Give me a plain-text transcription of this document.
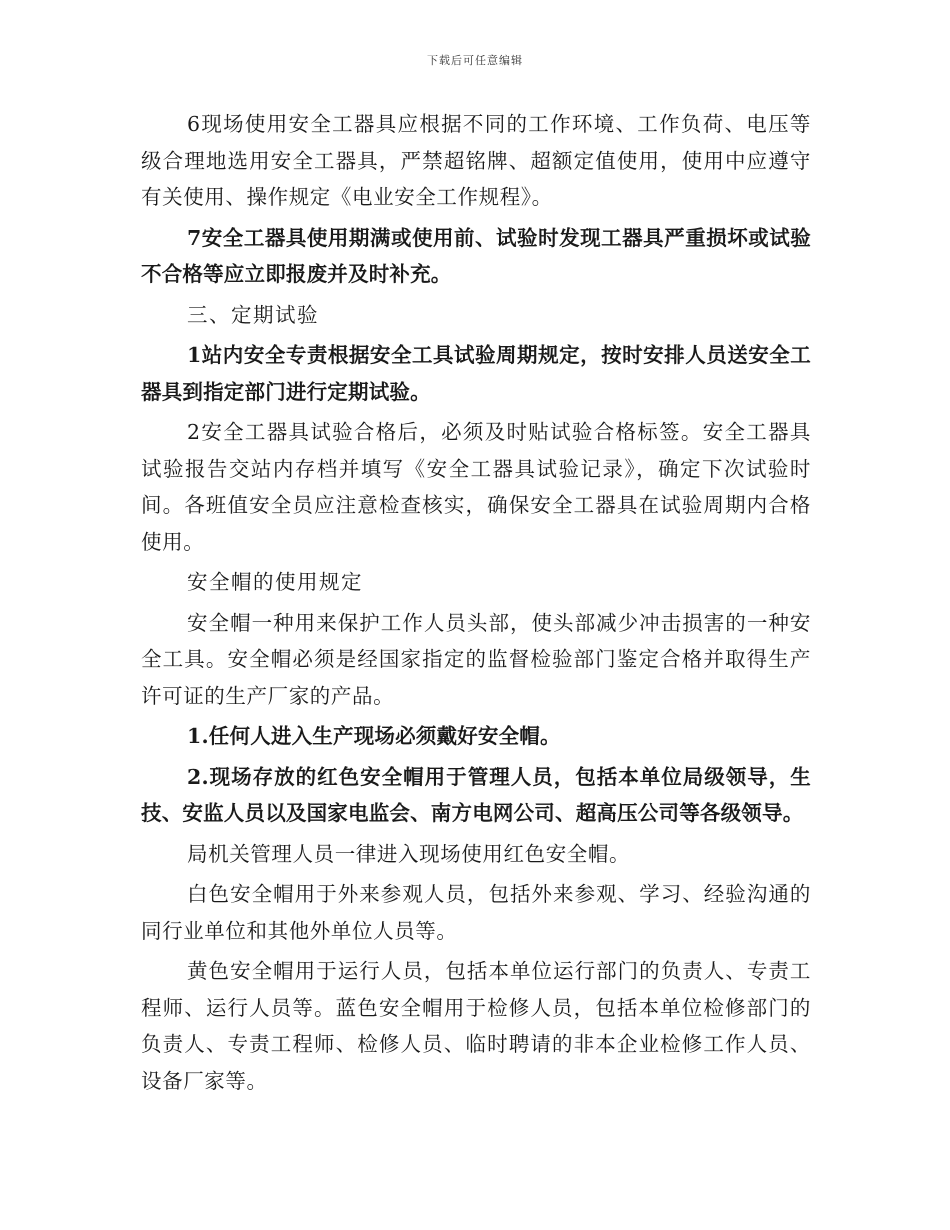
下载后可任意编辑

6现场使用安全工器具应根据不同的工作环境、工作负荷、电压等级合理地选用安全工器具，严禁超铭牌、超额定值使用，使用中应遵守有关使用、操作规定《电业安全工作规程》。

7安全工器具使用期满或使用前、试验时发现工器具严重损坏或试验不合格等应立即报废并及时补充。

三、定期试验

1站内安全专责根据安全工具试验周期规定，按时安排人员送安全工器具到指定部门进行定期试验。

2安全工器具试验合格后，必须及时贴试验合格标签。安全工器具试验报告交站内存档并填写《安全工器具试验记录》，确定下次试验时间。各班值安全员应注意检查核实，确保安全工器具在试验周期内合格使用。

安全帽的使用规定

安全帽一种用来保护工作人员头部，使头部减少冲击损害的一种安全工具。安全帽必须是经国家指定的监督检验部门鉴定合格并取得生产许可证的生产厂家的产品。

1.任何人进入生产现场必须戴好安全帽。

2.现场存放的红色安全帽用于管理人员，包括本单位局级领导，生技、安监人员以及国家电监会、南方电网公司、超高压公司等各级领导。

局机关管理人员一律进入现场使用红色安全帽。

白色安全帽用于外来参观人员，包括外来参观、学习、经验沟通的同行业单位和其他外单位人员等。

黄色安全帽用于运行人员，包括本单位运行部门的负责人、专责工程师、运行人员等。蓝色安全帽用于检修人员，包括本单位检修部门的负责人、专责工程师、检修人员、临时聘请的非本企业检修工作人员、设备厂家等。
